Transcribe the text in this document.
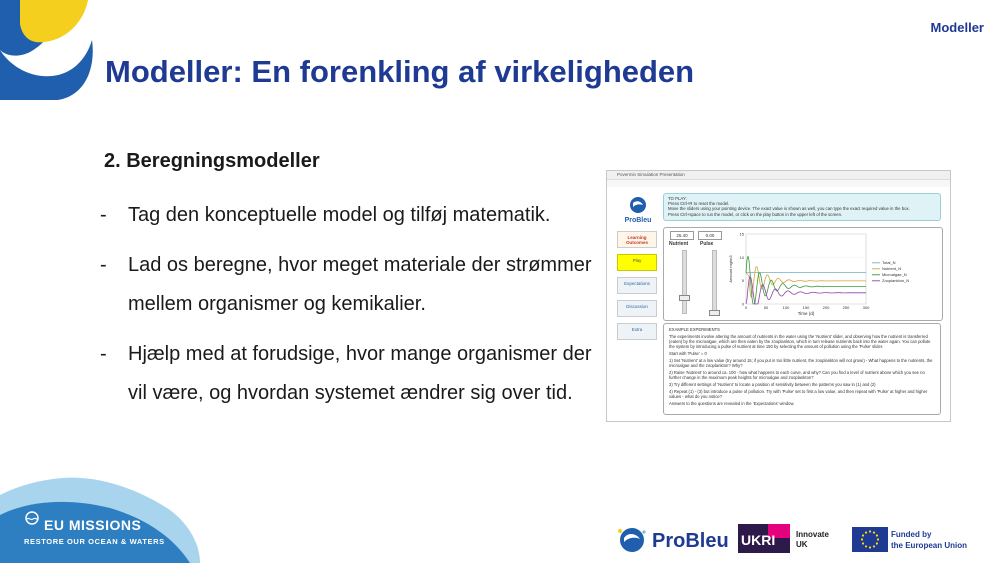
Modeller
Modeller: En forenkling af virkeligheden
2. Beregningsmodeller
- Tag den konceptuelle model og tilføj matematik.
- Lad os beregne, hvor meget materiale der strømmer mellem organismer og kemikalier.
- Hjælp med at forudsige, hvor mange organismer der vil være, og hvordan systemet ændrer sig over tid.
Povermin Simulation Presentation
ProBleu
TO PLAY:
Press Ctrl+R to reset the model.
Move the sliders using your pointing device. The exact value is shown as well, you can type the exact required value in the box.
Press Ctrl+space to run the model, or click on the play button in the upper left of the screen.
Learning Outcomes
Play
Expectations
Discussion
Extra
25.40	0.00
Nutrient Pulse
15
10
5
0
0	50	100	150	200	250	300
Amount mg/m3
Time (d)
Total_N
Nutrient_N
Microalgae_N
Zooplankton_N

EXAMPLE EXPERIMENTS

The experiments involve altering the amount of nutrients in the water using the 'Nutrient' slider, and observing how the nutrient is transferred (eaten) by the microalgae, which are then eaten by the zooplankton, which in turn release nutrients back into the water again. You can pollute the system by introducing a pulse of nutrient at time 150 by selecting the amount of pollution using the 'Pulse' slider.

Start with 'Pulse' = 0

1) Set 'Nutrient' at a low value (try around 15; if you put in too little nutrient, the zooplankton will not grow!) - What happens to the nutrients, the microalgae and the zooplankton? Why?

2) Raise 'Nutrient' to around ca. 100 - how what happens to each curve, and why? Can you find a level of nutrient above which you see no further change in the maximum peak heights for microalgae and zooplankton?

3) Try different settings of 'Nutrient' to locate a position of sensitivity between the patterns you saw in (1) and (2)

4) Repeat (1) - (3) but introduce a pulse of pollution. Try with 'Pulse' set to first a low value, and then repeat with 'Pulse' at higher and higher values - what do you notice?

Answers to the questions are revealed in the 'Expectations' window.

EU MISSIONS
RESTORE OUR OCEAN & WATERS	ProBleu UKRI	Innovate
UK
Funded by
the European Union
